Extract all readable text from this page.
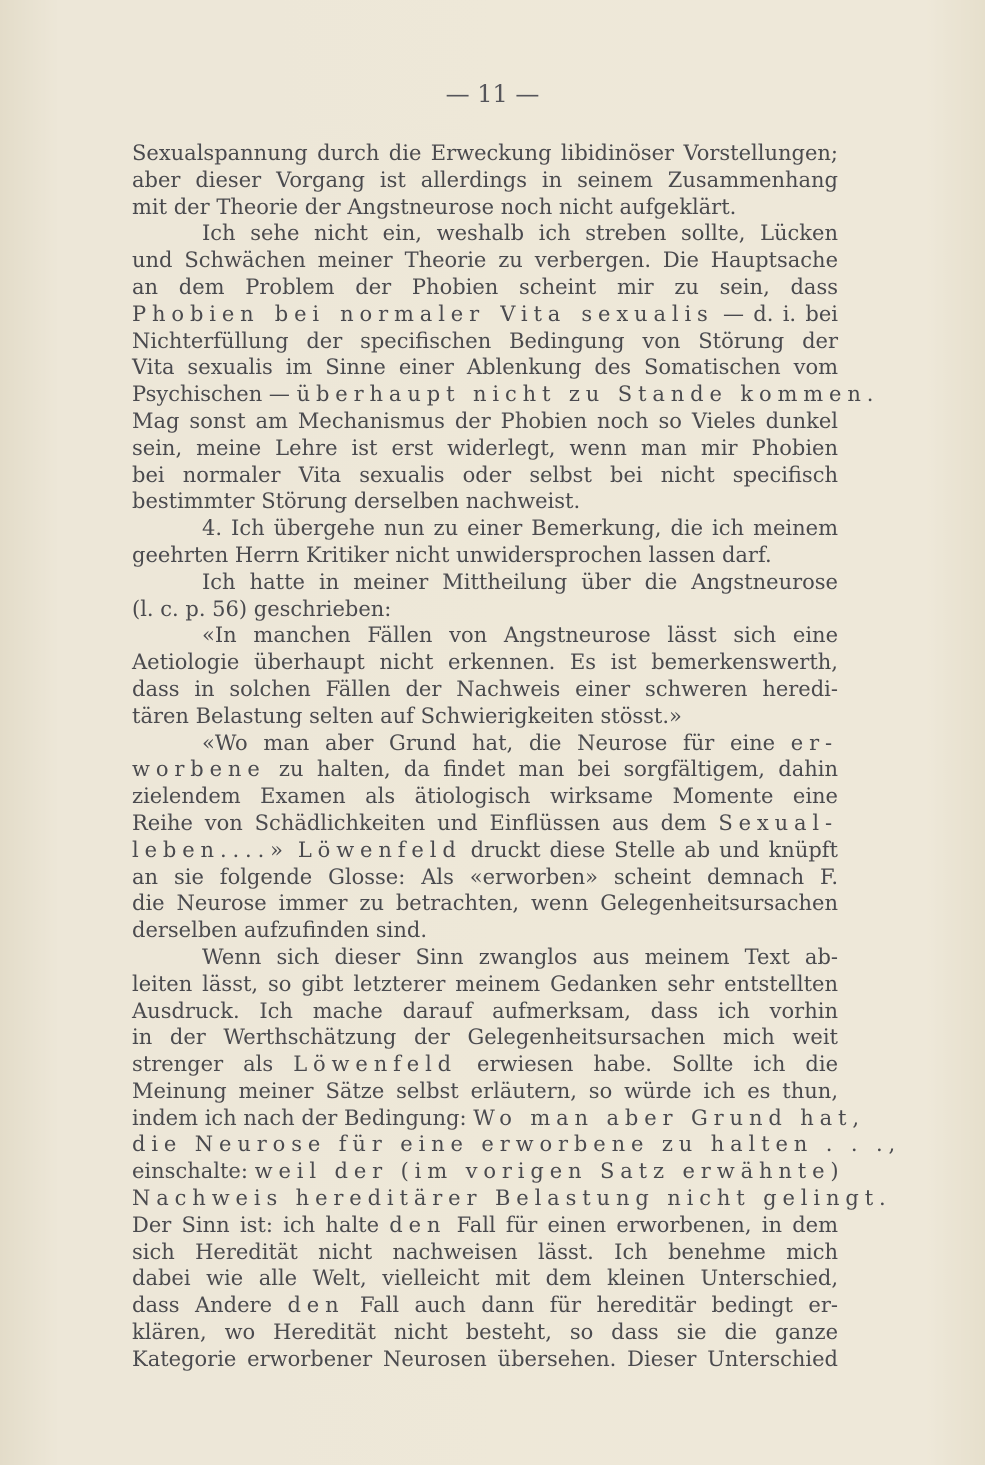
— 11 —
Sexualspannung durch die Erweckung libidinöser Vorstellungen;
aber dieser Vorgang ist allerdings in seinem Zusammenhang
mit der Theorie der Angstneurose noch nicht aufgeklärt.
Ich sehe nicht ein, weshalb ich streben sollte, Lücken
und Schwächen meiner Theorie zu verbergen. Die Hauptsache
an dem Problem der Phobien scheint mir zu sein, dass
Phobien bei normaler Vita sexualis — d. i. bei
Nichterfüllung der specifischen Bedingung von Störung der
Vita sexualis im Sinne einer Ablenkung des Somatischen vom
Psychischen — überhaupt nicht zu Stande kommen.
Mag sonst am Mechanismus der Phobien noch so Vieles dunkel
sein, meine Lehre ist erst widerlegt, wenn man mir Phobien
bei normaler Vita sexualis oder selbst bei nicht specifisch
bestimmter Störung derselben nachweist.
4. Ich übergehe nun zu einer Bemerkung, die ich meinem
geehrten Herrn Kritiker nicht unwidersprochen lassen darf.
Ich hatte in meiner Mittheilung über die Angstneurose
(l. c. p. 56) geschrieben:
«In manchen Fällen von Angstneurose lässt sich eine
Aetiologie überhaupt nicht erkennen. Es ist bemerkenswerth,
dass in solchen Fällen der Nachweis einer schweren heredi-
tären Belastung selten auf Schwierigkeiten stösst.»
«Wo man aber Grund hat, die Neurose für eine er-
worbene zu halten, da findet man bei sorgfältigem, dahin
zielendem Examen als ätiologisch wirksame Momente eine
Reihe von Schädlichkeiten und Einflüssen aus dem Sexual-
leben....» Löwenfeld druckt diese Stelle ab und knüpft
an sie folgende Glosse: Als «erworben» scheint demnach F.
die Neurose immer zu betrachten, wenn Gelegenheitsursachen
derselben aufzufinden sind.
Wenn sich dieser Sinn zwanglos aus meinem Text ab-
leiten lässt, so gibt letzterer meinem Gedanken sehr entstellten
Ausdruck. Ich mache darauf aufmerksam, dass ich vorhin
in der Werthschätzung der Gelegenheitsursachen mich weit
strenger als Löwenfeld erwiesen habe. Sollte ich die
Meinung meiner Sätze selbst erläutern, so würde ich es thun,
indem ich nach der Bedingung: Wo man aber Grund hat,
die Neurose für eine erworbene zu halten . . .,
einschalte: weil der (im vorigen Satz erwähnte)
Nachweis hereditärer Belastung nicht gelingt.
Der Sinn ist: ich halte den Fall für einen erworbenen, in dem
sich Heredität nicht nachweisen lässt. Ich benehme mich
dabei wie alle Welt, vielleicht mit dem kleinen Unterschied,
dass Andere den Fall auch dann für hereditär bedingt er-
klären, wo Heredität nicht besteht, so dass sie die ganze
Kategorie erworbener Neurosen übersehen. Dieser Unterschied
